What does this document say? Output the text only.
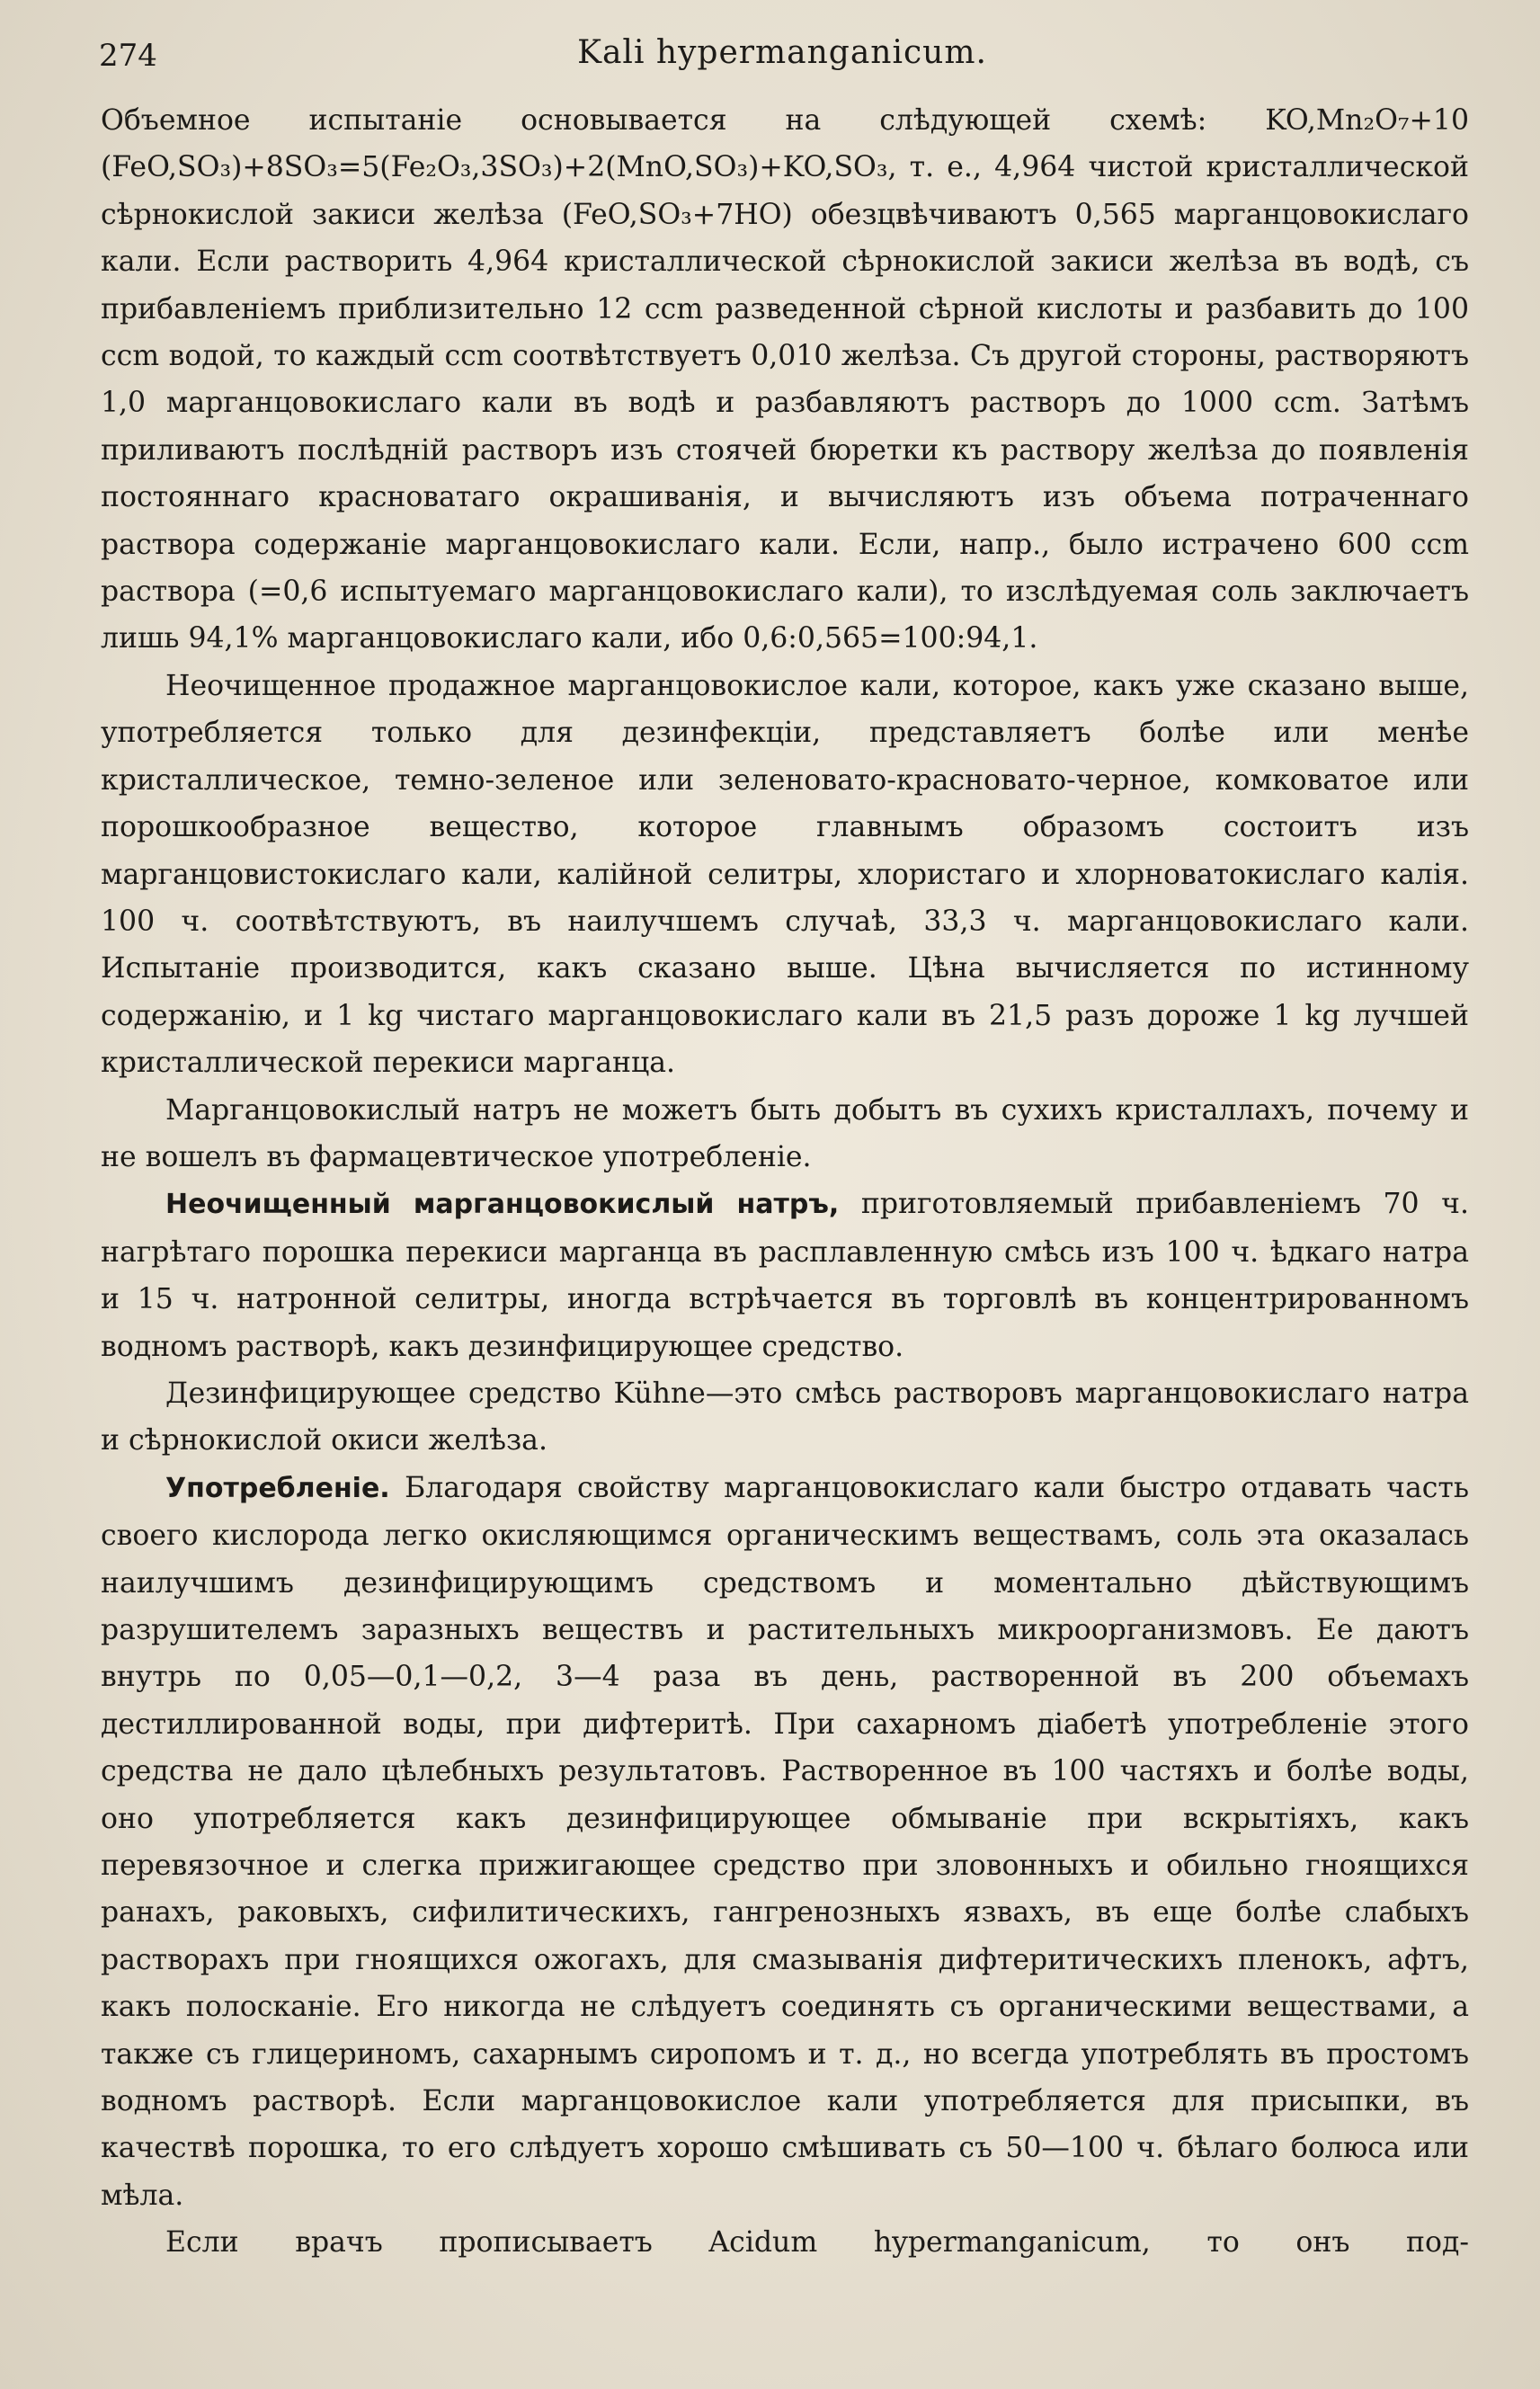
274	Kali hypermanganicum.

Объемное испытаніе основывается на слѣдующей схемѣ: KO,Mn₂O₇+10 (FeO,SO₃)+8SO₃=5(Fe₂O₃,3SO₃)+2(MnO,SO₃)+KO,SO₃, т. е., 4,964 чистой кристаллической сѣрнокислой закиси желѣза (FeO,SO₃+7HO) обезцвѣчиваютъ 0,565 марганцовокислаго кали. Если растворить 4,964 кристаллической сѣрнокислой закиси желѣза въ водѣ, съ прибавленіемъ приблизительно 12 ccm разведенной сѣрной кислоты и разбавить до 100 ccm водой, то каждый ccm соотвѣтствуетъ 0,010 желѣза. Съ другой стороны, растворяютъ 1,0 марганцовокислаго кали въ водѣ и разбавляютъ растворъ до 1000 ccm. Затѣмъ приливаютъ послѣдній растворъ изъ стоячей бюретки къ раствору желѣза до появленія постояннаго красноватаго окрашиванія, и вычисляютъ изъ объема потраченнаго раствора содержаніе марганцовокислаго кали. Если, напр., было истрачено 600 ccm раствора (=0,6 испытуемаго марганцовокислаго кали), то изслѣдуемая соль заключаетъ лишь 94,1% марганцовокислаго кали, ибо 0,6:0,565=100:94,1.

Неочищенное продажное марганцовокислое кали, которое, какъ уже сказано выше, употребляется только для дезинфекціи, представляетъ болѣе или менѣе кристаллическое, темно-зеленое или зеленовато-красновато-черное, комковатое или порошкообразное вещество, которое главнымъ образомъ состоитъ изъ марганцовистокислаго кали, калійной селитры, хлористаго и хлорноватокислаго калія. 100 ч. соотвѣтствуютъ, въ наилучшемъ случаѣ, 33,3 ч. марганцовокислаго кали. Испытаніе производится, какъ сказано выше. Цѣна вычисляется по истинному содержанію, и 1 kg чистаго марганцовокислаго кали въ 21,5 разъ дороже 1 kg лучшей кристаллической перекиси марганца.

Марганцовокислый натръ не можетъ быть добытъ въ сухихъ кристаллахъ, почему и не вошелъ въ фармацевтическое употребленіе.

Неочищенный марганцовокислый натръ, приготовляемый прибавленіемъ 70 ч. нагрѣтаго порошка перекиси марганца въ расплавленную смѣсь изъ 100 ч. ѣдкаго натра и 15 ч. натронной селитры, иногда встрѣчается въ торговлѣ въ концентрированномъ водномъ растворѣ, какъ дезинфицирующее средство.

Дезинфицирующее средство Kühne—это смѣсь растворовъ марганцовокислаго натра и сѣрнокислой окиси желѣза.

Употребленіе. Благодаря свойству марганцовокислаго кали быстро отдавать часть своего кислорода легко окисляющимся органическимъ веществамъ, соль эта оказалась наилучшимъ дезинфицирующимъ средствомъ и моментально дѣйствующимъ разрушителемъ заразныхъ веществъ и растительныхъ микроорганизмовъ. Ее даютъ внутрь по 0,05—0,1—0,2, 3—4 раза въ день, растворенной въ 200 объемахъ дестиллированной воды, при дифтеритѣ. При сахарномъ діабетѣ употребленіе этого средства не дало цѣлебныхъ результатовъ. Растворенное въ 100 частяхъ и болѣе воды, оно употребляется какъ дезинфицирующее обмываніе при вскрытіяхъ, какъ перевязочное и слегка прижигающее средство при зловонныхъ и обильно гноящихся ранахъ, раковыхъ, сифилитическихъ, гангренозныхъ язвахъ, въ еще болѣе слабыхъ растворахъ при гноящихся ожогахъ, для смазыванія дифтеритическихъ пленокъ, афтъ, какъ полосканіе. Его никогда не слѣдуетъ соединять съ органическими веществами, а также съ глицериномъ, сахарнымъ сиропомъ и т. д., но всегда употреблять въ простомъ водномъ растворѣ. Если марганцовокислое кали употребляется для присыпки, въ качествѣ порошка, то его слѣдуетъ хорошо смѣшивать съ 50—100 ч. бѣлаго болюса или мѣла.

Если врачъ прописываетъ Acidum hypermanganicum, то онъ под-
